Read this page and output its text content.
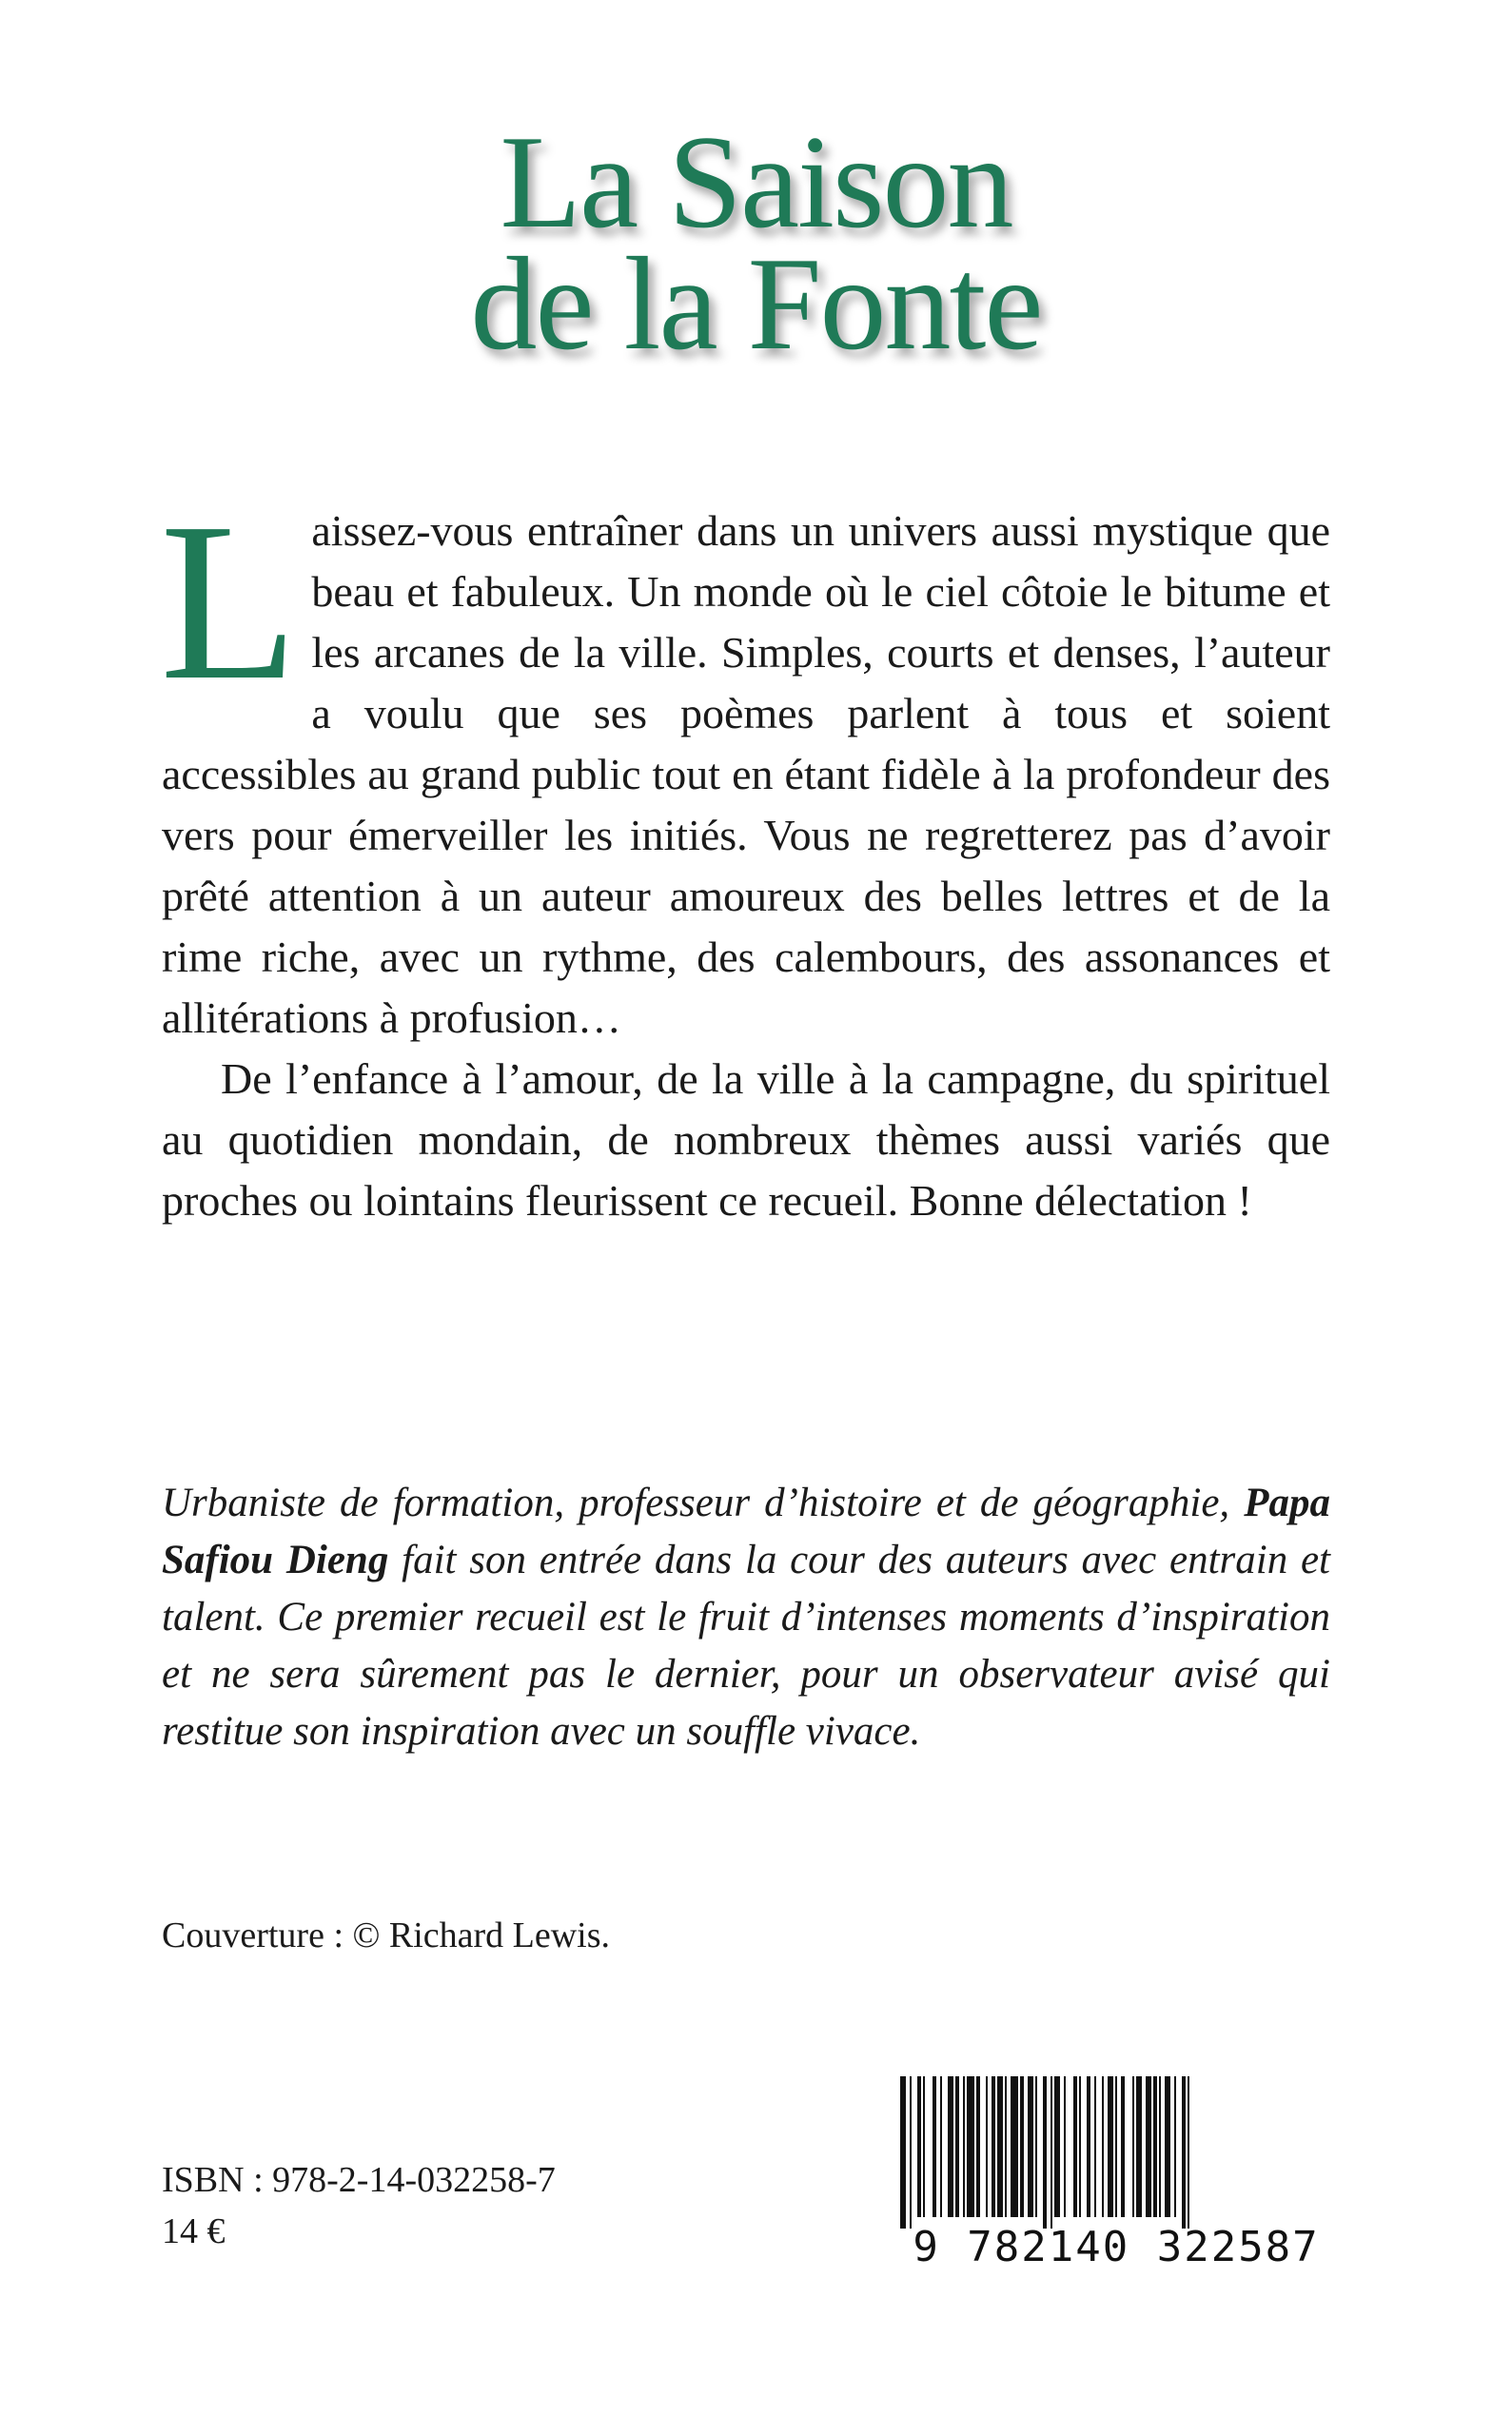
La Saison
de la Fonte

Laissez-vous entraîner dans un univers aussi mystique que beau et fabuleux. Un monde où le ciel côtoie le bitume et les arcanes de la ville. Simples, courts et denses, l’auteur a voulu que ses poèmes parlent à tous et soient accessibles au grand public tout en étant fidèle à la profondeur des vers pour émerveiller les initiés. Vous ne regretterez pas d’avoir prêté attention à un auteur amoureux des belles lettres et de la rime riche, avec un rythme, des calembours, des assonances et allitérations à profusion…

De l’enfance à l’amour, de la ville à la campagne, du spirituel au quotidien mondain, de nombreux thèmes aussi variés que proches ou lointains fleurissent ce recueil. Bonne délectation !

Urbaniste de formation, professeur d’histoire et de géographie, Papa Safiou Dieng fait son entrée dans la cour des auteurs avec entrain et talent. Ce premier recueil est le fruit d’intenses moments d’inspiration et ne sera sûrement pas le dernier, pour un observateur avisé qui restitue son inspiration avec un souffle vivace.
Couverture : © Richard Lewis.
ISBN : 978-2-14-032258-7
14 €	9 782140 322587
